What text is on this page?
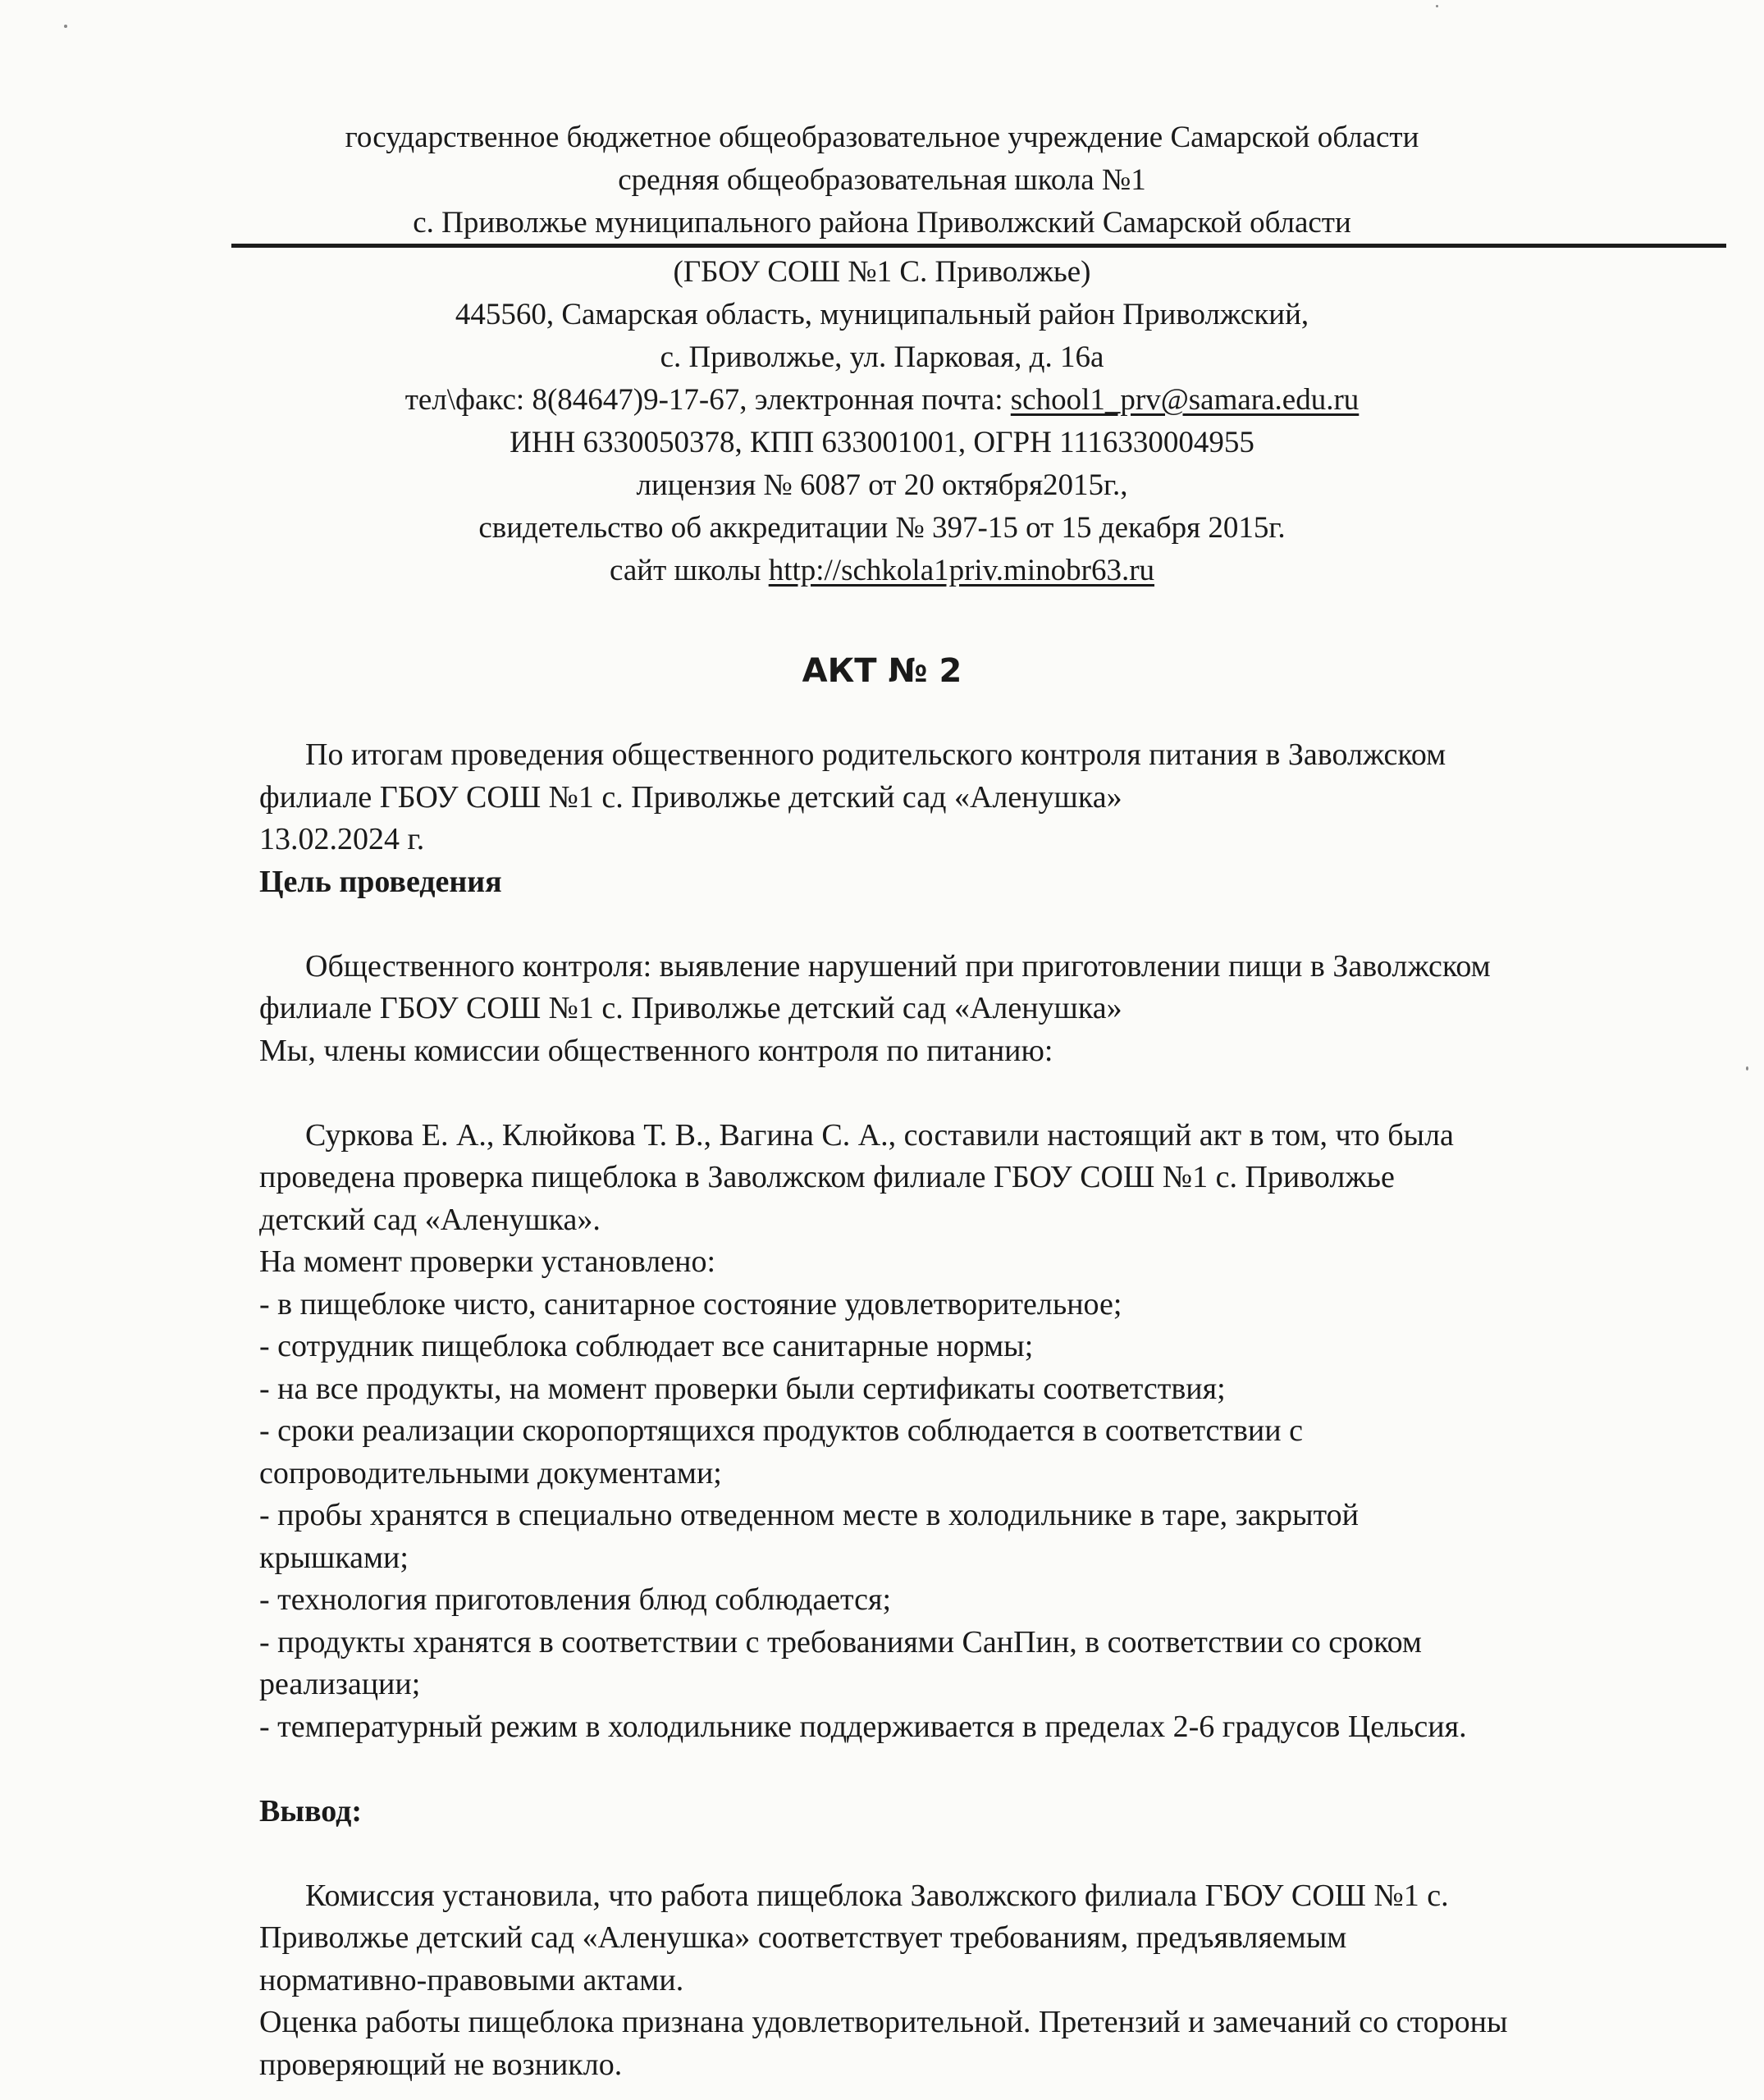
государственное бюджетное общеобразовательное учреждение Самарской области
средняя общеобразовательная школа №1
с. Приволжье муниципального района Приволжский Самарской области
(ГБОУ СОШ №1 С. Приволжье)
445560, Самарская область, муниципальный район Приволжский,
с. Приволжье, ул. Парковая, д. 16а
тел\факс: 8(84647)9-17-67, электронная почта: school1_prv@samara.edu.ru
ИНН 6330050378, КПП 633001001, ОГРН 1116330004955
лицензия № 6087 от 20 октября2015г.,
свидетельство об аккредитации № 397-15 от 15 декабря 2015г.
сайт школы http://schkola1priv.minobr63.ru
АКТ № 2
По итогам проведения общественного родительского контроля питания в Заволжском
филиале ГБОУ СОШ №1 с. Приволжье детский сад «Аленушка»
13.02.2024 г.
Цель проведения
Общественного контроля: выявление нарушений при приготовлении пищи в Заволжском
филиале ГБОУ СОШ №1 с. Приволжье детский сад «Аленушка»
Мы, члены комиссии общественного контроля по питанию:
Суркова Е. А., Клюйкова Т. В., Вагина С. А., составили настоящий акт в том, что была
проведена проверка пищеблока в Заволжском филиале ГБОУ СОШ №1 с. Приволжье
детский сад «Аленушка».
На момент проверки установлено:
- в пищеблоке чисто, санитарное состояние удовлетворительное;
- сотрудник пищеблока соблюдает все санитарные нормы;
- на все продукты, на момент проверки были сертификаты соответствия;
- сроки реализации скоропортящихся продуктов соблюдается в соответствии с
сопроводительными документами;
- пробы хранятся в специально отведенном месте в холодильнике в таре, закрытой
крышками;
- технология приготовления блюд соблюдается;
- продукты хранятся в соответствии с требованиями СанПин, в соответствии со сроком
реализации;
- температурный режим в холодильнике поддерживается в пределах 2-6 градусов Цельсия.
Вывод:
Комиссия установила, что работа пищеблока Заволжского филиала ГБОУ СОШ №1 с.
Приволжье детский сад «Аленушка» соответствует требованиям, предъявляемым
нормативно-правовыми актами.
Оценка работы пищеблока признана удовлетворительной. Претензий и замечаний со стороны
проверяющий не возникло.
